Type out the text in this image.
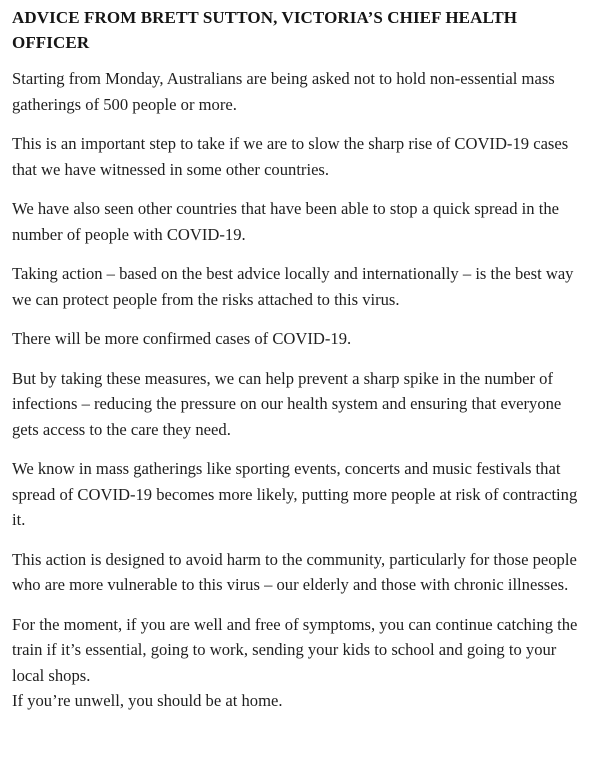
ADVICE FROM BRETT SUTTON, VICTORIA’S CHIEF HEALTH OFFICER

Starting from Monday, Australians are being asked not to hold non-essential mass gatherings of 500 people or more.

This is an important step to take if we are to slow the sharp rise of COVID-19 cases that we have witnessed in some other countries.

We have also seen other countries that have been able to stop a quick spread in the number of people with COVID-19.

Taking action – based on the best advice locally and internationally – is the best way we can protect people from the risks attached to this virus.

There will be more confirmed cases of COVID-19.

But by taking these measures, we can help prevent a sharp spike in the number of infections – reducing the pressure on our health system and ensuring that everyone gets access to the care they need.

We know in mass gatherings like sporting events, concerts and music festivals that spread of COVID-19 becomes more likely, putting more people at risk of contracting it.

This action is designed to avoid harm to the community, particularly for those people who are more vulnerable to this virus – our elderly and those with chronic illnesses.

For the moment, if you are well and free of symptoms, you can continue catching the train if it’s essential, going to work, sending your kids to school and going to your local shops.

If you’re unwell, you should be at home.
